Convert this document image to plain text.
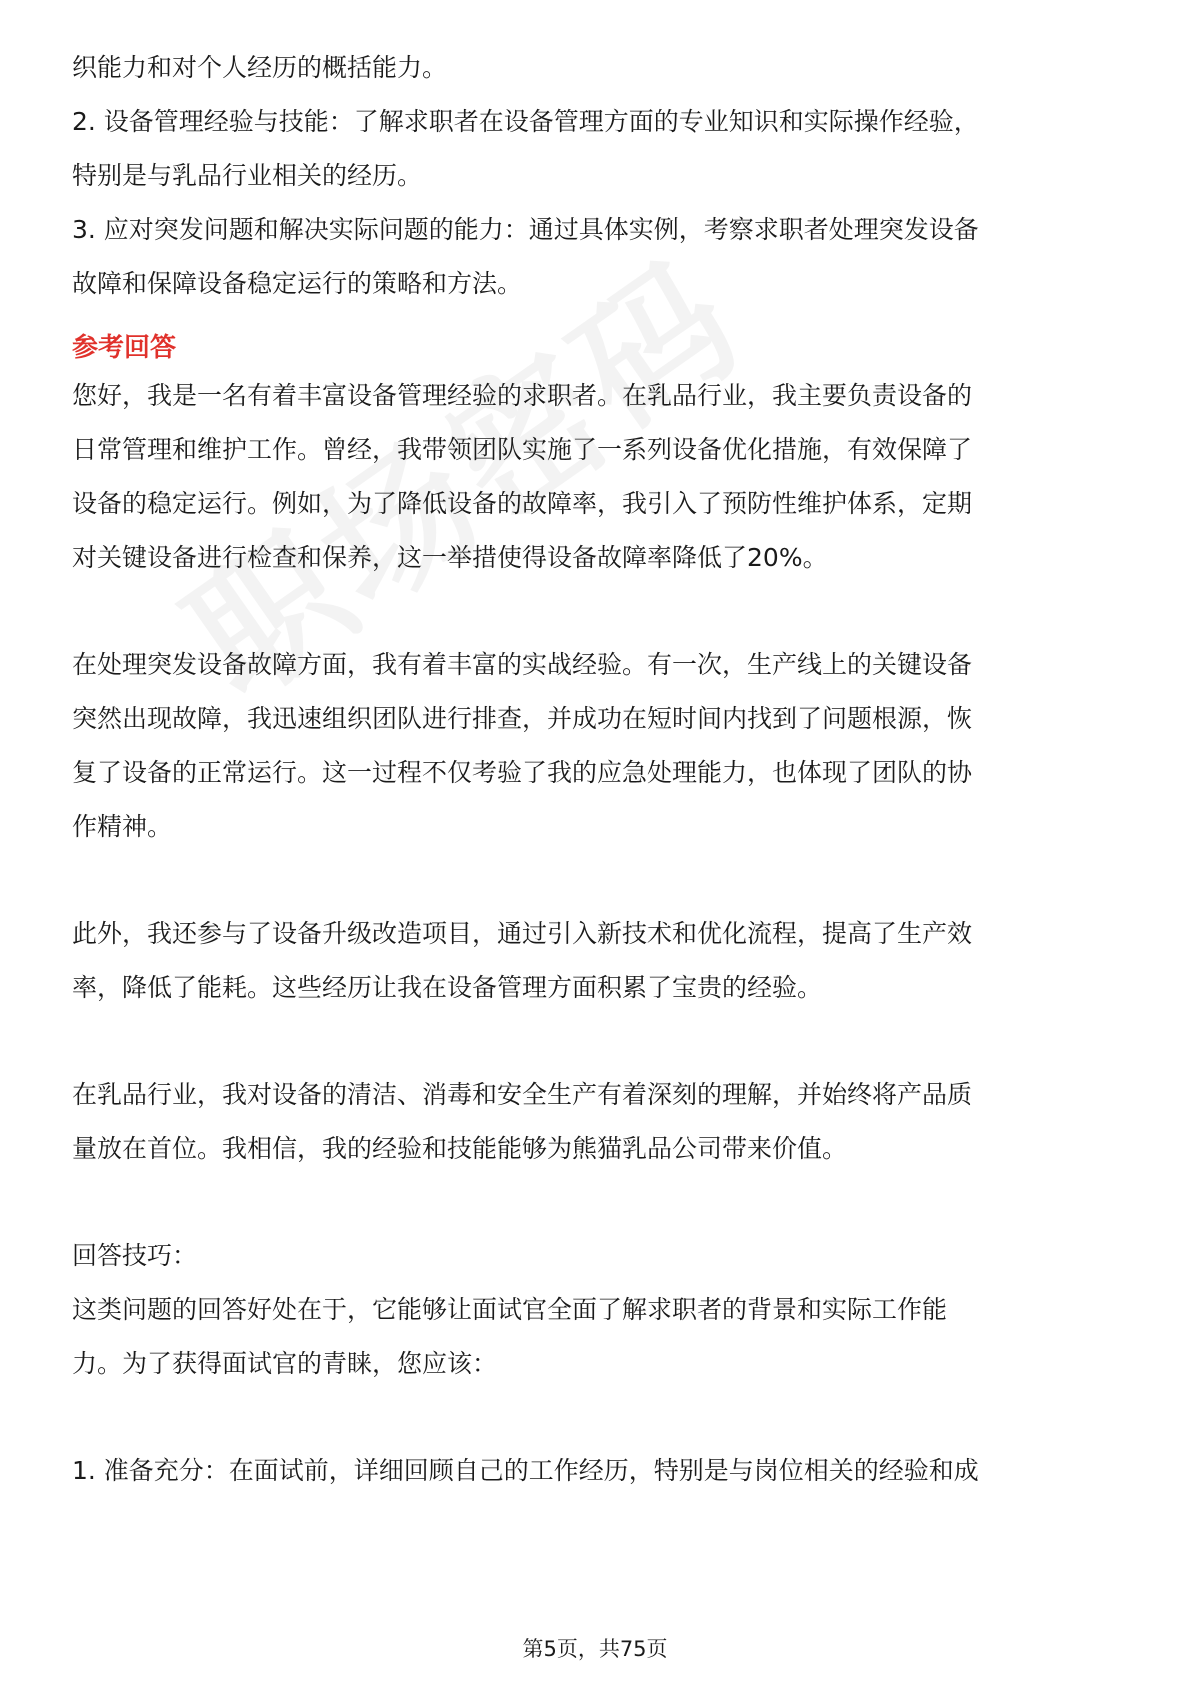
织能力和对个人经历的概括能力。
2. 设备管理经验与技能：了解求职者在设备管理方面的专业知识和实际操作经验，
特别是与乳品行业相关的经历。
3. 应对突发问题和解决实际问题的能力：通过具体实例，考察求职者处理突发设备
故障和保障设备稳定运行的策略和方法。
参考回答
您好，我是一名有着丰富设备管理经验的求职者。在乳品行业，我主要负责设备的
日常管理和维护工作。曾经，我带领团队实施了一系列设备优化措施，有效保障了
设备的稳定运行。例如，为了降低设备的故障率，我引入了预防性维护体系，定期
对关键设备进行检查和保养，这一举措使得设备故障率降低了20%。
在处理突发设备故障方面，我有着丰富的实战经验。有一次，生产线上的关键设备
突然出现故障，我迅速组织团队进行排查，并成功在短时间内找到了问题根源，恢
复了设备的正常运行。这一过程不仅考验了我的应急处理能力，也体现了团队的协
作精神。
此外，我还参与了设备升级改造项目，通过引入新技术和优化流程，提高了生产效
率，降低了能耗。这些经历让我在设备管理方面积累了宝贵的经验。
在乳品行业，我对设备的清洁、消毒和安全生产有着深刻的理解，并始终将产品质
量放在首位。我相信，我的经验和技能能够为熊猫乳品公司带来价值。
回答技巧：
这类问题的回答好处在于，它能够让面试官全面了解求职者的背景和实际工作能
力。为了获得面试官的青睐，您应该：
1. 准备充分：在面试前，详细回顾自己的工作经历，特别是与岗位相关的经验和成
第5页，共75页
